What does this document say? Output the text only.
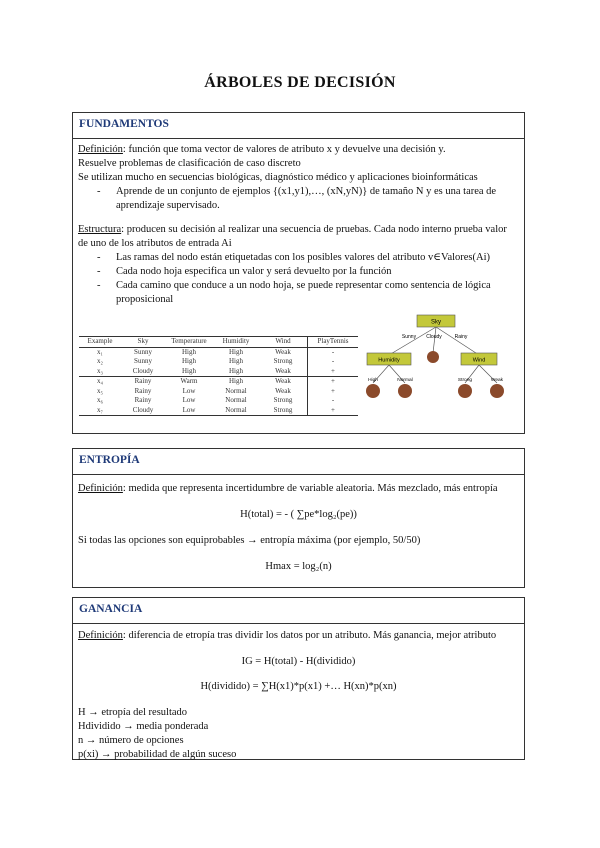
ÁRBOLES DE DECISIÓN
FUNDAMENTOS

Definición: función que toma vector de valores de atributo x y devuelve una decisión y.

Resuelve problemas de clasificación de caso discreto

Se utilizan mucho en secuencias biológicas, diagnóstico médico y aplicaciones bioinformáticas

- Aprende de un conjunto de ejemplos {(x1,y1),…, (xN,yN)} de tamaño N y es una tarea de aprendizaje supervisado.

Estructura: producen su decisión al realizar una secuencia de pruebas. Cada nodo interno prueba valor de uno de los atributos de entrada Ai

- Las ramas del nodo están etiquetadas con los posibles valores del atributo v∈Valores(Ai)
- Cada nodo hoja especifica un valor y será devuelto por la función
- Cada camino que conduce a un nodo hoja, se puede representar como sentencia de lógica proposicional
Example	Sky	Temperature	Humidity	Wind	PlayTennis
x₁	Sunny	High	High	Weak	-
x₂	Sunny	High	High	Strong	-
x₃	Cloudy	High	High	Weak	+
x₄	Rainy	Warm	High	Weak	+
x₅	Rainy	Low	Normal	Weak	+
x₆	Rainy	Low	Normal	Strong	-
x₇	Cloudy	Low	Normal	Strong	+
Sky
Sunny Cloudy	Rainy
Humidity	Wind
High	Normal	Strong	Weak
ENTROPÍA

Definición: medida que representa incertidumbre de variable aleatoria. Más mezclado, más entropía

H(total) = - ( ∑pe*log₂(pe))

Si todas las opciones son equiprobables → entropía máxima (por ejemplo, 50/50)

Hmax = log₂(n)

GANANCIA

Definición: diferencia de etropía tras dividir los datos por un atributo. Más ganancia, mejor atributo

IG = H(total) - H(dividido)

H(dividido) = ∑H(x1)*p(x1) +… H(xn)*p(xn)

H → etropía del resultado

Hdividido → media ponderada

n → número de opciones

p(xi) → probabilidad de algún suceso
